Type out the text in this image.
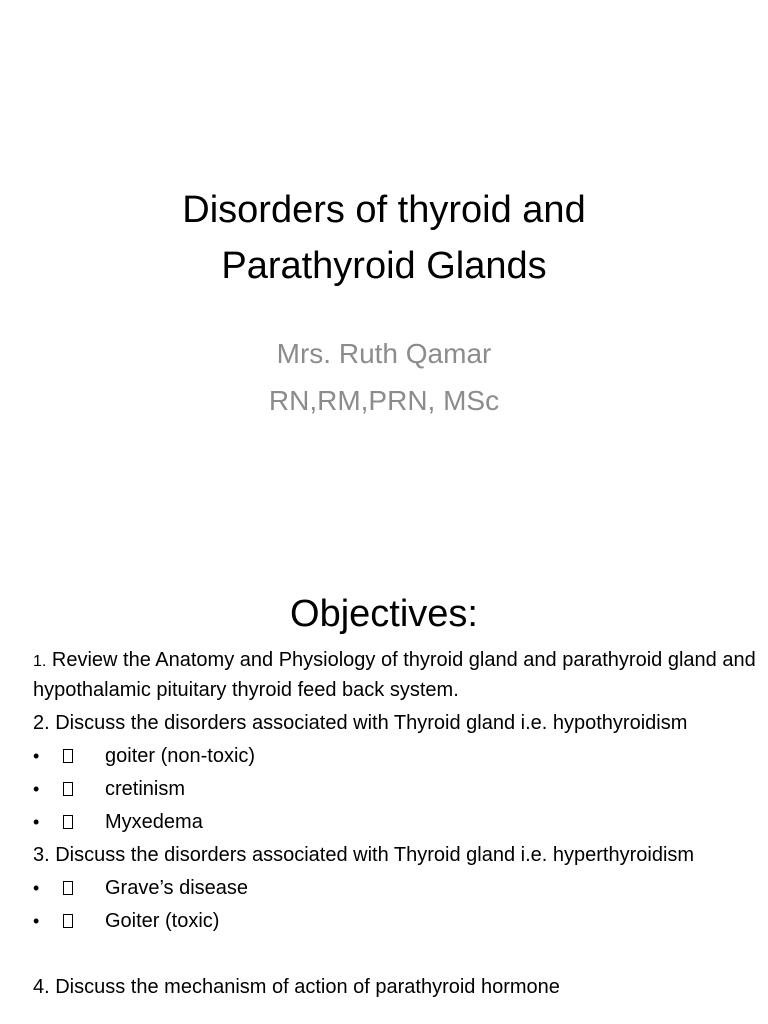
Disorders of thyroid and
Parathyroid Glands
Mrs. Ruth Qamar
RN,RM,PRN, MSc
Objectives:

1. Review the Anatomy and Physiology of thyroid gland and parathyroid gland and hypothalamic pituitary thyroid feed back system.

2. Discuss the disorders associated with Thyroid gland i.e. hypothyroidism

•	goiter (non-toxic)
•	cretinism
•	Myxedema

3. Discuss the disorders associated with Thyroid gland i.e. hyperthyroidism

•	Grave’s disease
•	Goiter (toxic)

4. Discuss the mechanism of action of parathyroid hormone
